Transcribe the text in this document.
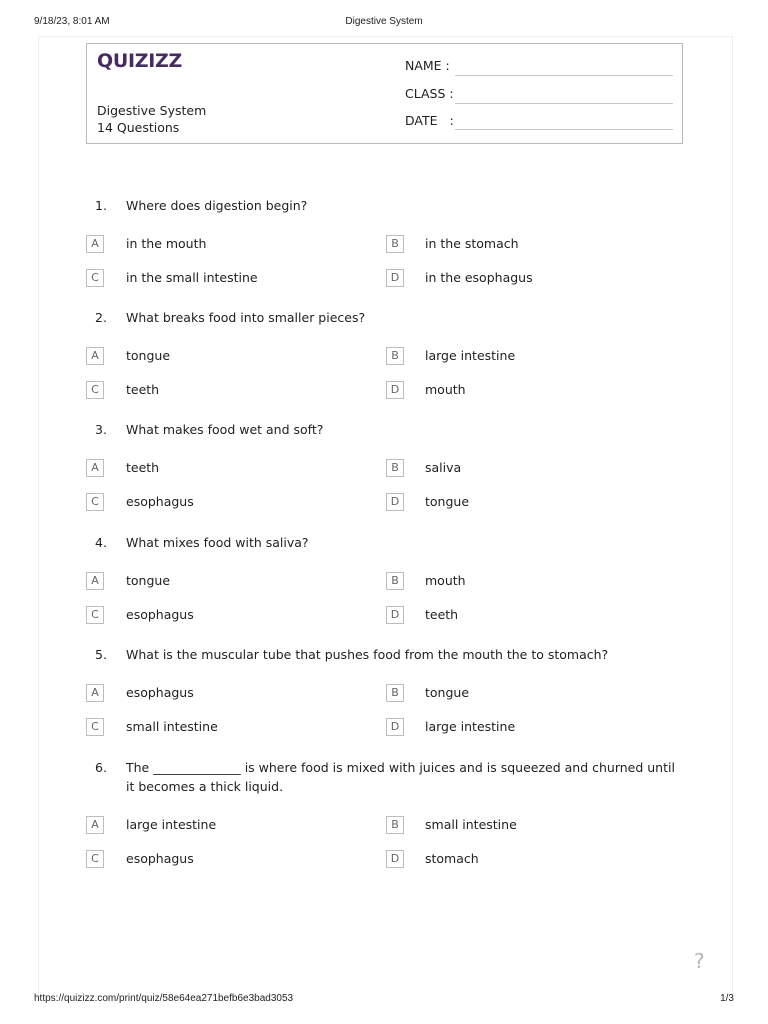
9/18/23, 8:01 AM	Digestive System
QUIZIZZ
Digestive System
14 Questions
NAME :
CLASS :
DATE   :
1. Where does digestion begin?
A	in the mouth	B	in the stomach
C	in the small intestine	D	in the esophagus
2. What breaks food into smaller pieces?
A	tongue	B	large intestine
C	teeth	D	mouth
3. What makes food wet and soft?
A	teeth	B	saliva
C	esophagus	D	tongue
4. What mixes food with saliva?
A	tongue	B	mouth
C	esophagus	D	teeth
5. What is the muscular tube that pushes food from the mouth the to stomach?
A	esophagus	B	tongue
C	small intestine	D	large intestine
6. The ______________ is where food is mixed with juices and is squeezed and churned until it becomes a thick liquid.
A	large intestine	B	small intestine
C	esophagus	D	stomach
?
https://quizizz.com/print/quiz/58e64ea271befb6e3bad3053	1/3
